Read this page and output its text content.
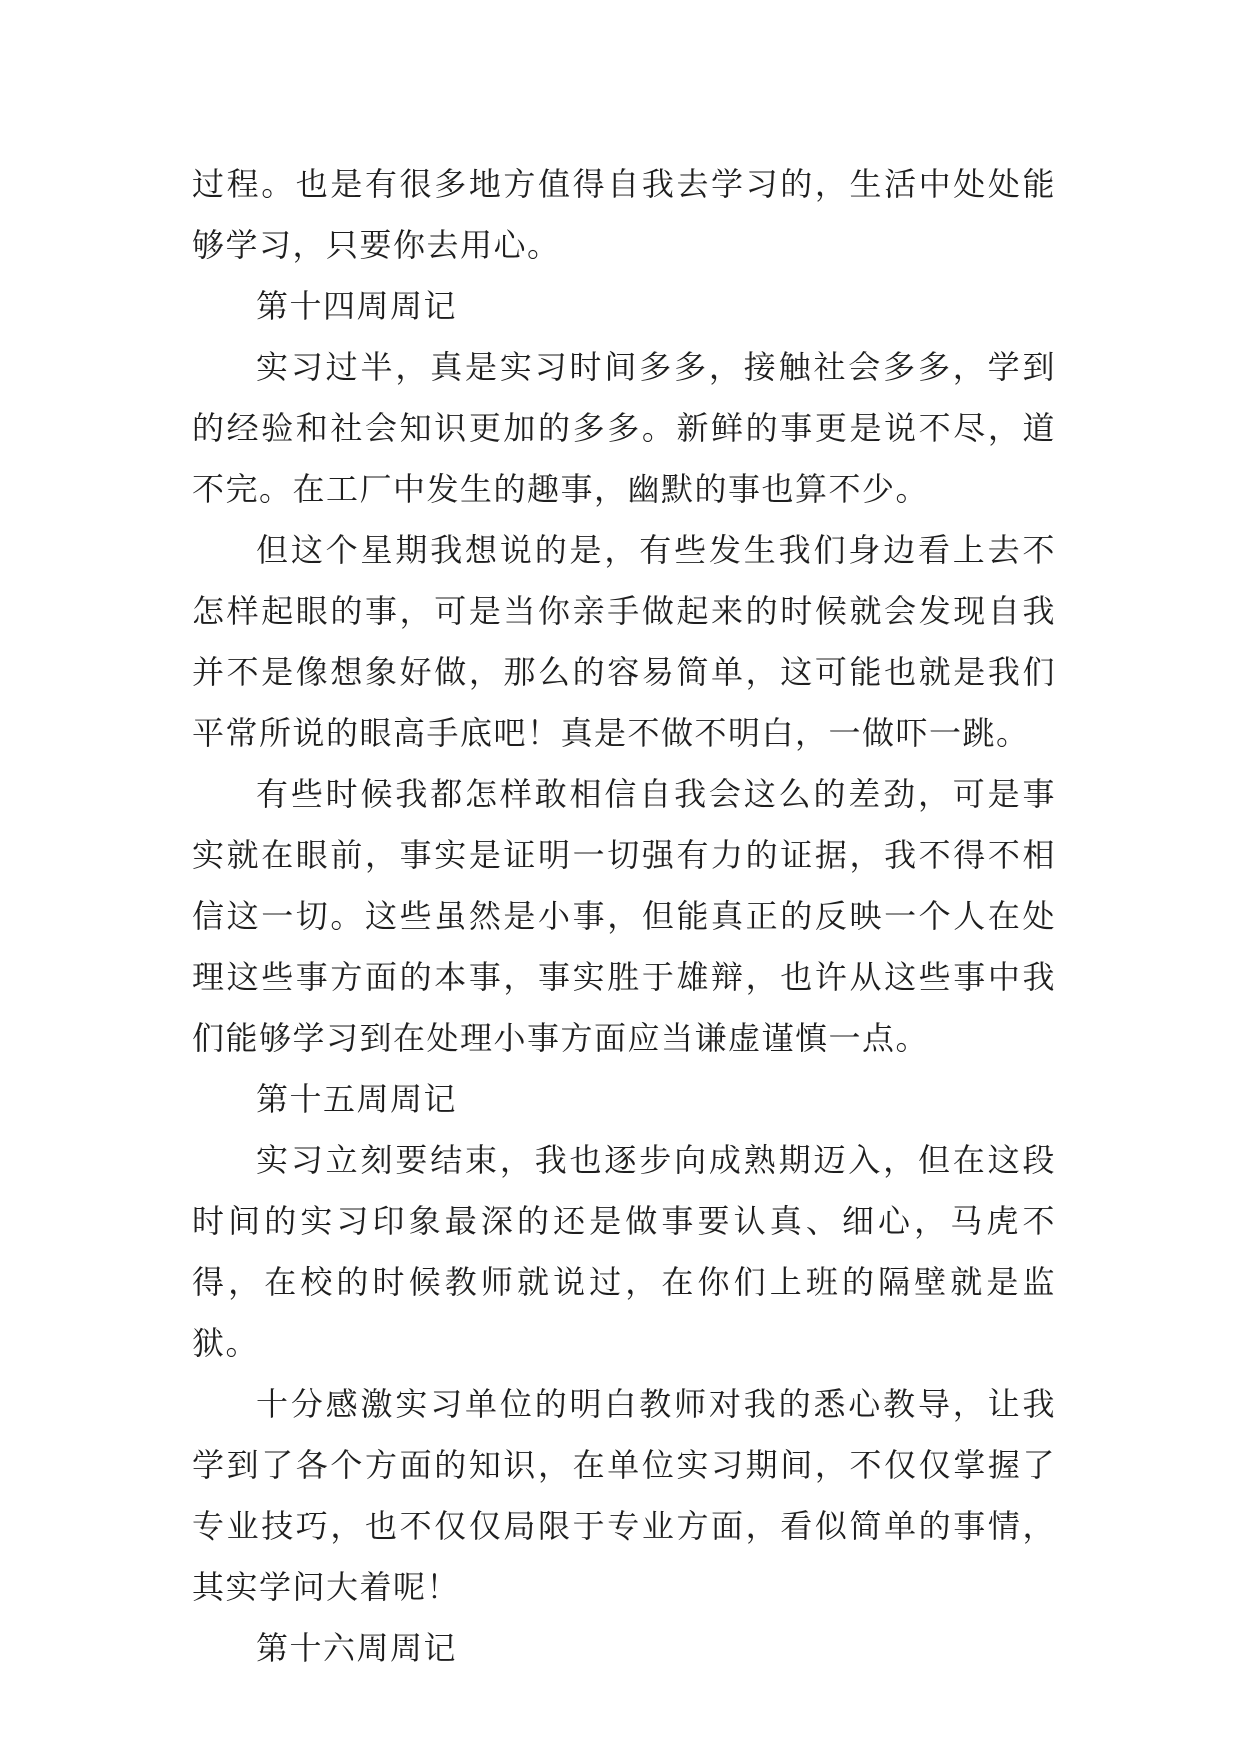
过程。也是有很多地方值得自我去学习的，生活中处处能够学习，只要你去用心。

第十四周周记

实习过半，真是实习时间多多，接触社会多多，学到的经验和社会知识更加的多多。新鲜的事更是说不尽，道不完。在工厂中发生的趣事，幽默的事也算不少。

但这个星期我想说的是，有些发生我们身边看上去不怎样起眼的事，可是当你亲手做起来的时候就会发现自我并不是像想象好做，那么的容易简单，这可能也就是我们平常所说的眼高手底吧！真是不做不明白，一做吓一跳。

有些时候我都怎样敢相信自我会这么的差劲，可是事实就在眼前，事实是证明一切强有力的证据，我不得不相信这一切。这些虽然是小事，但能真正的反映一个人在处理这些事方面的本事，事实胜于雄辩，也许从这些事中我们能够学习到在处理小事方面应当谦虚谨慎一点。

第十五周周记

实习立刻要结束，我也逐步向成熟期迈入，但在这段时间的实习印象最深的还是做事要认真、细心，马虎不得，在校的时候教师就说过，在你们上班的隔壁就是监狱。

十分感激实习单位的明白教师对我的悉心教导，让我学到了各个方面的知识，在单位实习期间，不仅仅掌握了专业技巧，也不仅仅局限于专业方面，看似简单的事情，其实学问大着呢！

第十六周周记
